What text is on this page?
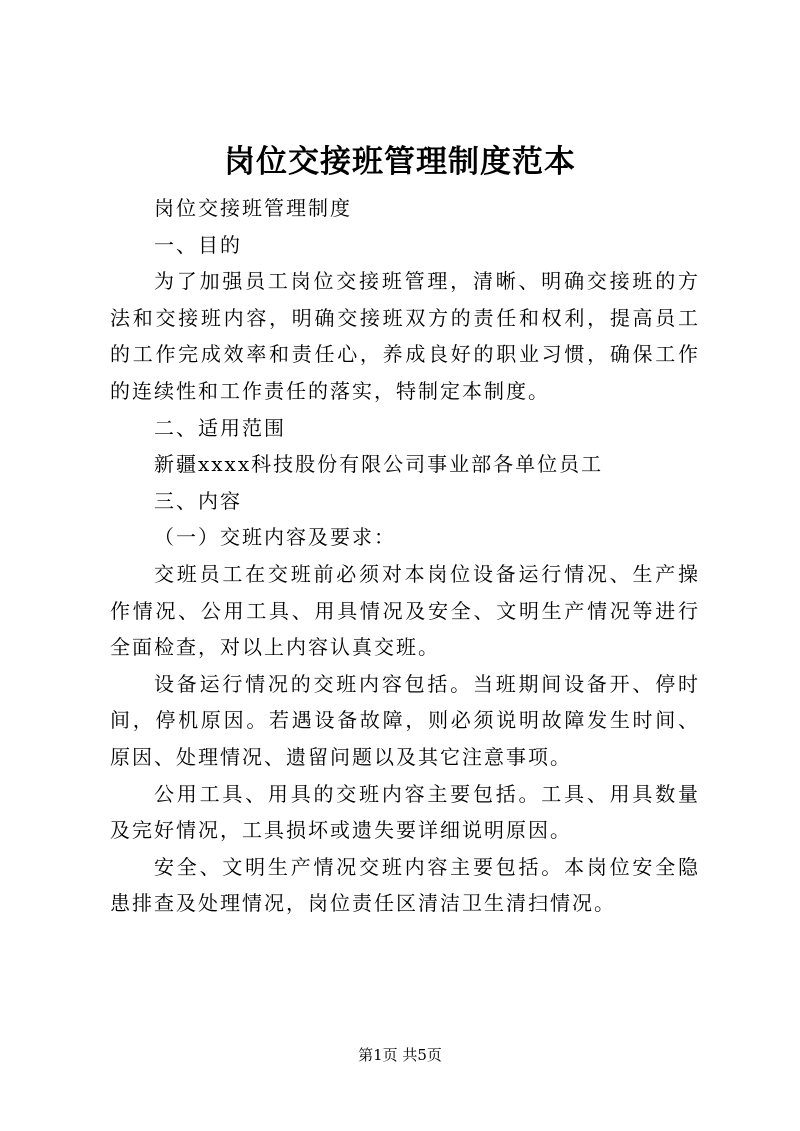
岗位交接班管理制度范本

岗位交接班管理制度

一、目的

为了加强员工岗位交接班管理，清晰、明确交接班的方法和交接班内容，明确交接班双方的责任和权利，提高员工的工作完成效率和责任心，养成良好的职业习惯，确保工作的连续性和工作责任的落实，特制定本制度。

二、适用范围

新疆xxxx科技股份有限公司事业部各单位员工

三、内容

（一）交班内容及要求：

交班员工在交班前必须对本岗位设备运行情况、生产操作情况、公用工具、用具情况及安全、文明生产情况等进行全面检查，对以上内容认真交班。

设备运行情况的交班内容包括。当班期间设备开、停时间，停机原因。若遇设备故障，则必须说明故障发生时间、原因、处理情况、遗留问题以及其它注意事项。

公用工具、用具的交班内容主要包括。工具、用具数量及完好情况，工具损坏或遗失要详细说明原因。

安全、文明生产情况交班内容主要包括。本岗位安全隐患排查及处理情况，岗位责任区清洁卫生清扫情况。

第1页 共5页
